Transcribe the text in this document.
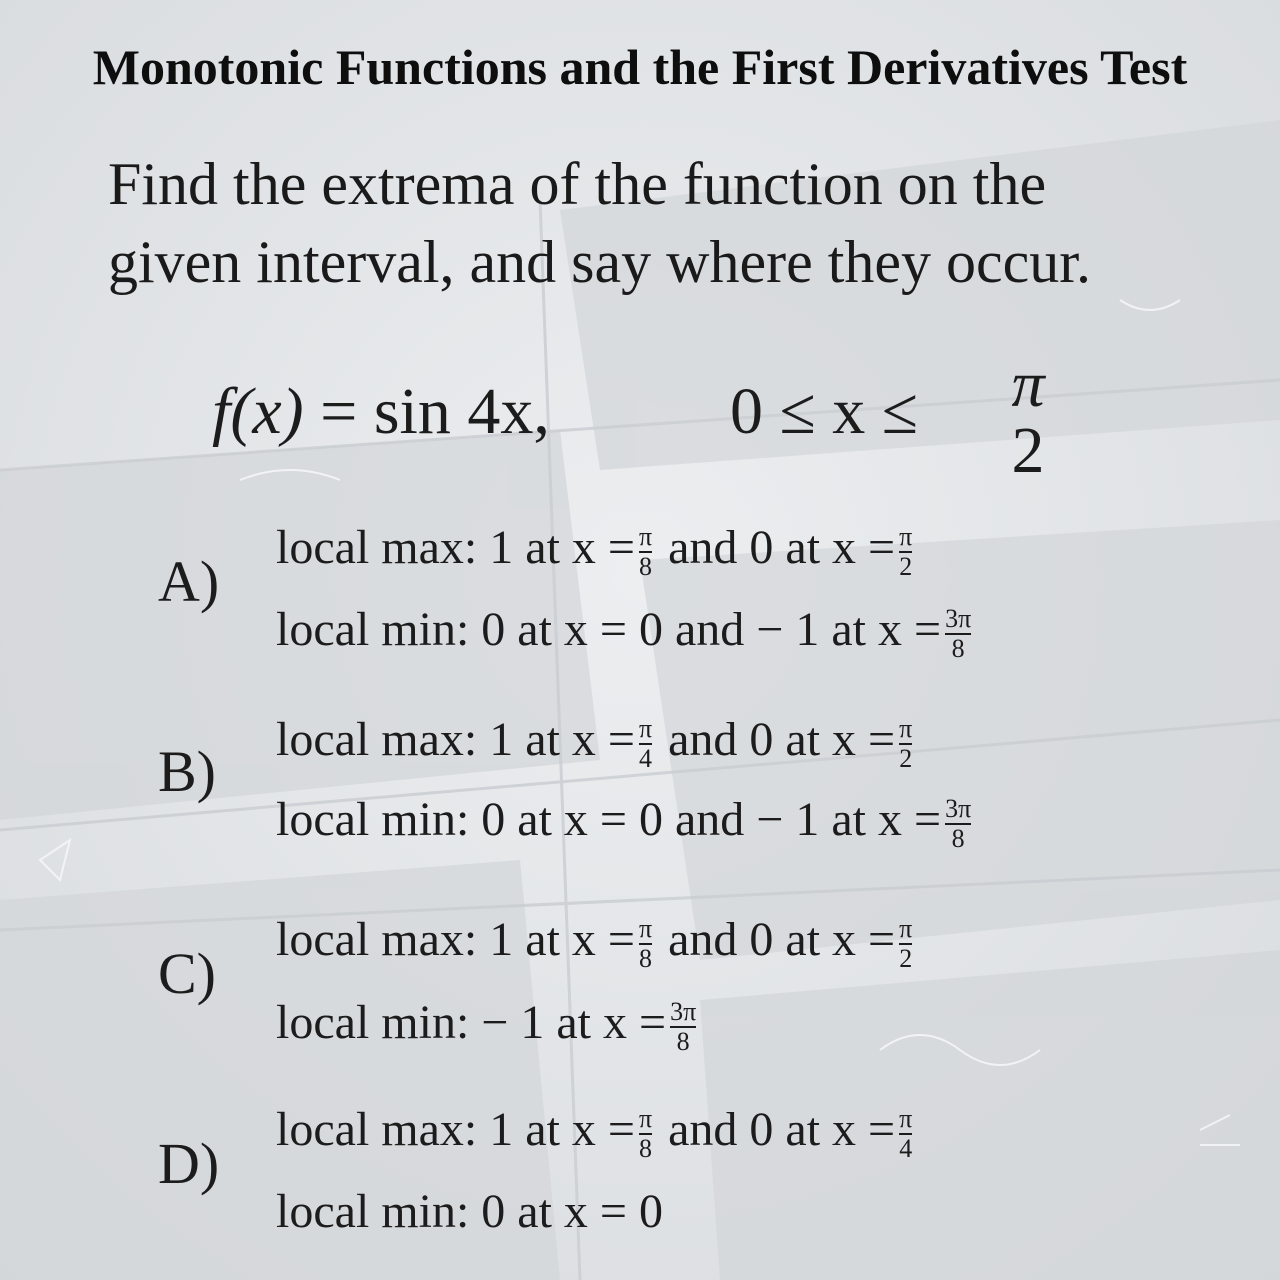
Monotonic Functions and the First Derivatives Test
Find the extrema of the function on the
given interval, and say where they occur.
f(x) = sin 4x,	0 ≤ x ≤ π
2
A)
local max: 1 at $x = \frac{\pi}{8}$ and 0 at $x = \frac{\pi}{2}$
local min: 0 at x = 0 and − 1 at $x = \frac{3\pi}{8}$
B) local max: 1 at $x = \frac{\pi}{4}$ and 0 at $x = \frac{\pi}{2}$
local min: 0 at x = 0 and − 1 at $x = \frac{3\pi}{8}$
C)
local max: 1 at $x = \frac{\pi}{8}$ and 0 at $x = \frac{\pi}{2}$
local min: − 1 at $x = \frac{3\pi}{8}$
D)
local max: 1 at $x = \frac{\pi}{8}$ and 0 at $x = \frac{\pi}{4}$
local min: 0 at x = 0
